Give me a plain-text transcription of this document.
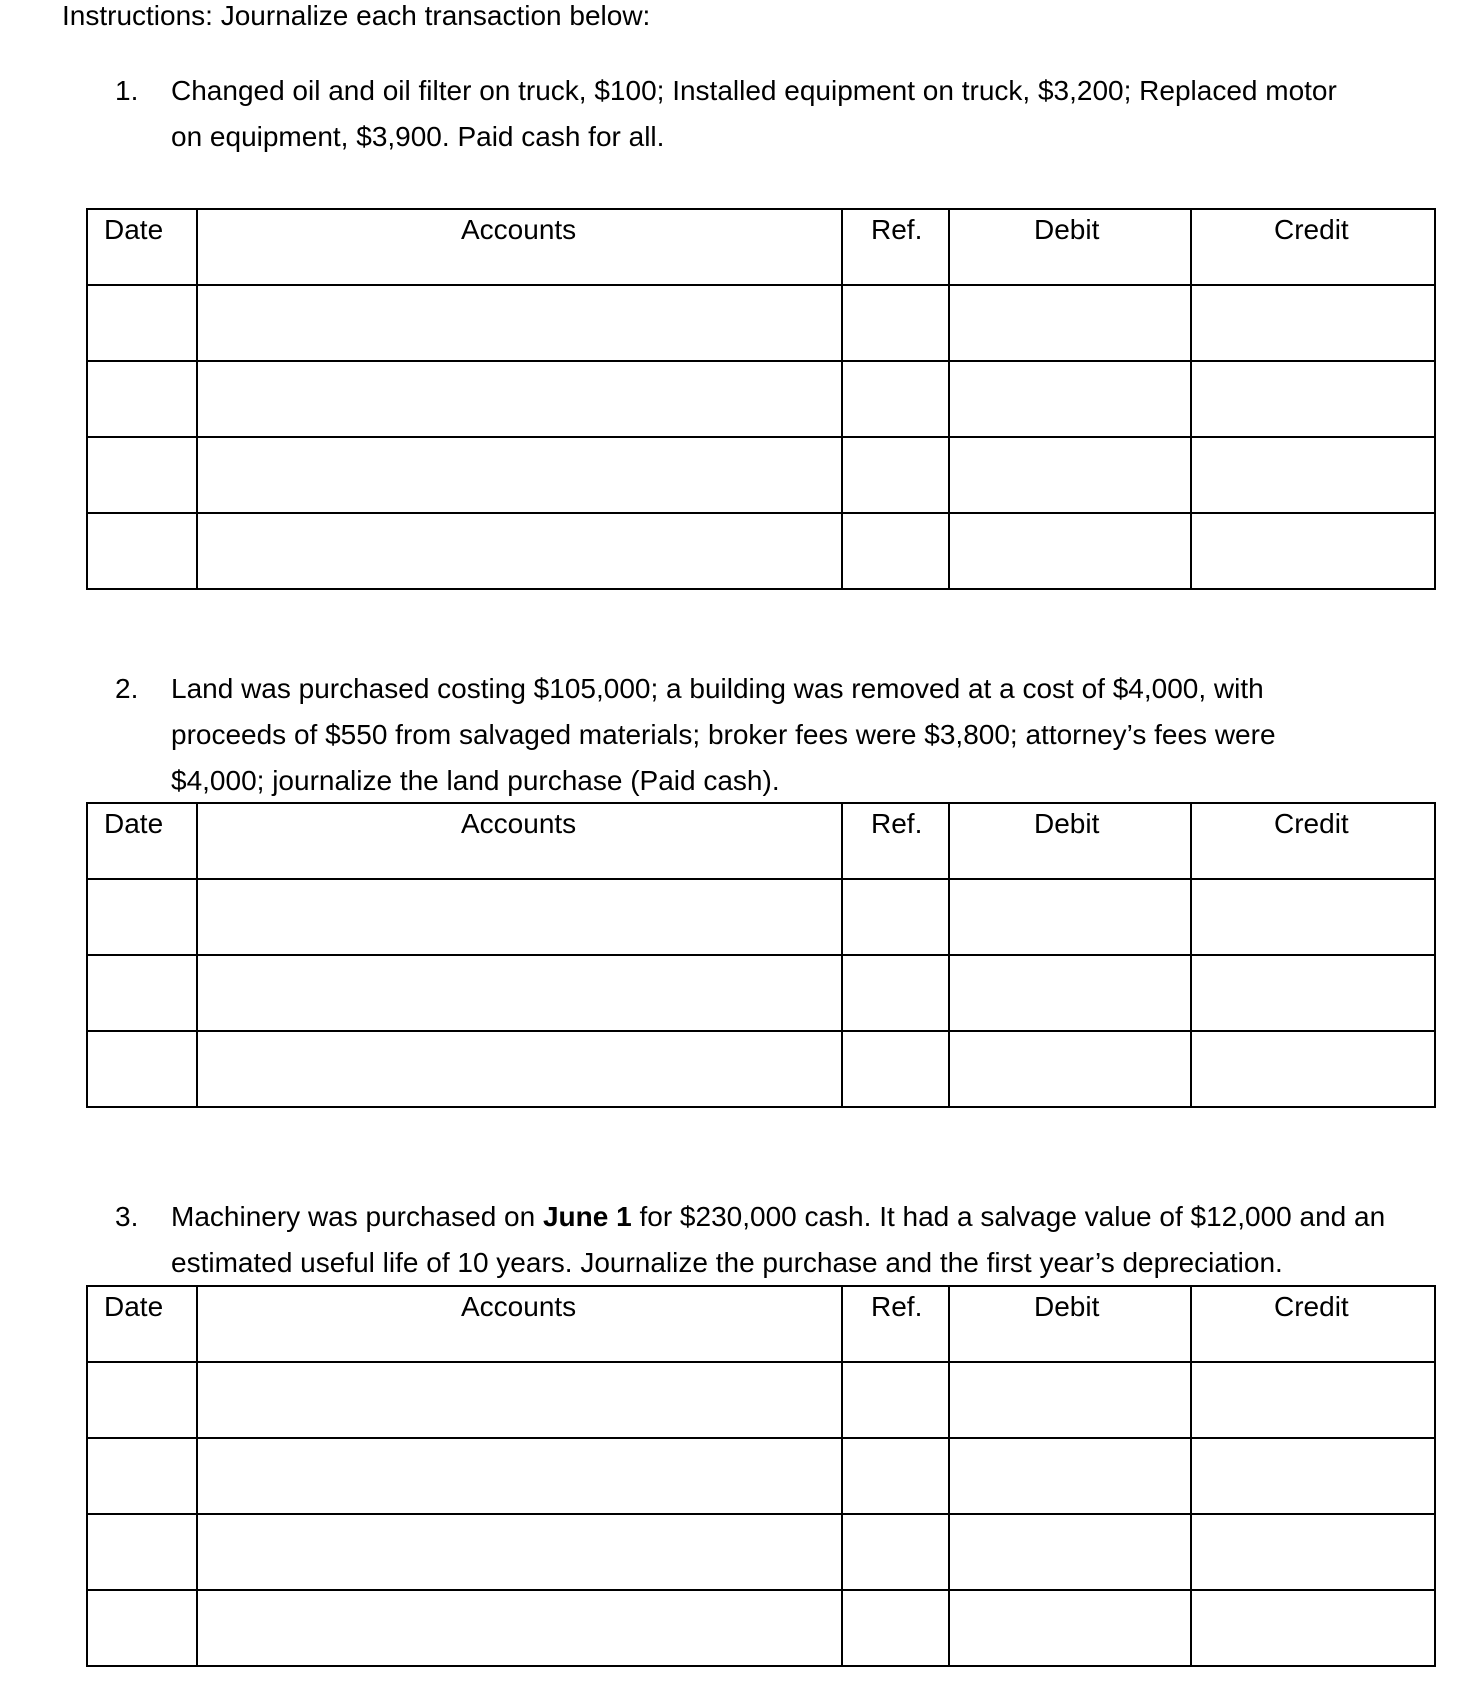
Instructions: Journalize each transaction below:
1.	Changed oil and oil filter on truck, $100; Installed equipment on truck, $3,200; Replaced motor
on equipment, $3,900. Paid cash for all.
Date	Accounts	Ref.	Debit	Credit

2.	Land was purchased costing $105,000; a building was removed at a cost of $4,000, with
proceeds of $550 from salvaged materials; broker fees were $3,800; attorney’s fees were
$4,000; journalize the land purchase (Paid cash).
Date	Accounts	Ref.	Debit	Credit

3.	Machinery was purchased on June 1 for $230,000 cash. It had a salvage value of $12,000 and an
estimated useful life of 10 years. Journalize the purchase and the first year’s depreciation.
Date	Accounts	Ref.	Debit	Credit
